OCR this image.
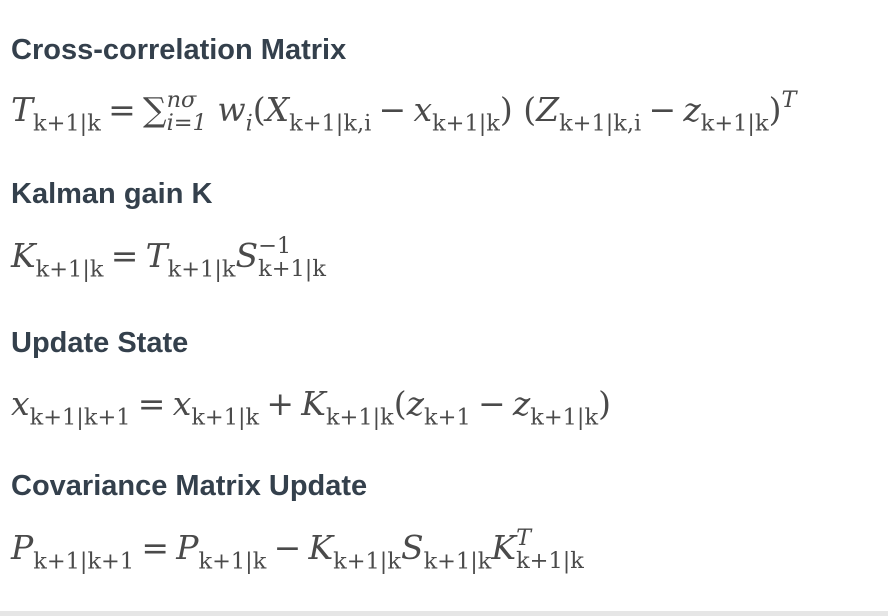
Cross-correlation Matrix
$T_{k+1|k}$ = ∑ nσ
i=1 $w_i(X_{k+1|k,i} - x_{k+1|k}) (Z_{k+1|k,i} - z_{k+1|k})^T$
Kalman gain K
$K_{k+1|k} = T_{k+1|k}S -1$
k+1|k
Update State
$x_{k+1|k+1} = x_{k+1|k} + K_{k+1|k}(z_{k+1} - z_{k+1|k})$
Covariance Matrix Update
$P_{k+1|k+1} = P_{k+1|k} - K_{k+1|k}S_{k+1|k}K$ T
k+1|k
